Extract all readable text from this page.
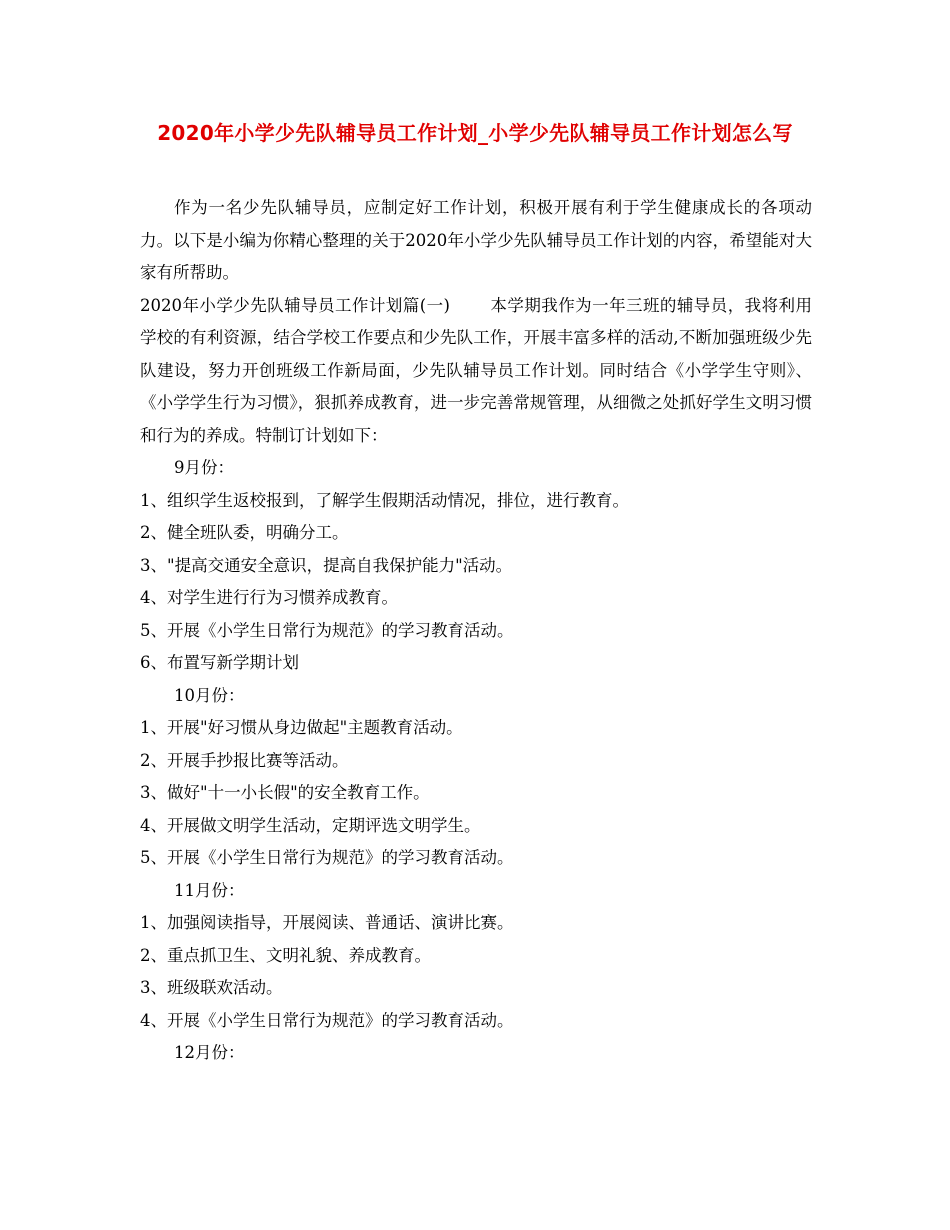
2020年小学少先队辅导员工作计划_小学少先队辅导员工作计划怎么写

作为一名少先队辅导员，应制定好工作计划，积极开展有利于学生健康成长的各项动力。以下是小编为你精心整理的关于2020年小学少先队辅导员工作计划的内容，希望能对大家有所帮助。

2020年小学少先队辅导员工作计划篇(一) 本学期我作为一年三班的辅导员，我将利用学校的有利资源，结合学校工作要点和少先队工作，开展丰富多样的活动,不断加强班级少先队建设，努力开创班级工作新局面，少先队辅导员工作计划。同时结合《小学学生守则》、《小学学生行为习惯》，狠抓养成教育，进一步完善常规管理，从细微之处抓好学生文明习惯和行为的养成。特制订计划如下：

9月份：

1、组织学生返校报到，了解学生假期活动情况，排位，进行教育。

2、健全班队委，明确分工。

3、"提高交通安全意识，提高自我保护能力"活动。

4、对学生进行行为习惯养成教育。

5、开展《小学生日常行为规范》的学习教育活动。

6、布置写新学期计划

10月份：

1、开展"好习惯从身边做起"主题教育活动。

2、开展手抄报比赛等活动。

3、做好"十一小长假"的安全教育工作。

4、开展做文明学生活动，定期评选文明学生。

5、开展《小学生日常行为规范》的学习教育活动。

11月份：

1、加强阅读指导，开展阅读、普通话、演讲比赛。

2、重点抓卫生、文明礼貌、养成教育。

3、班级联欢活动。

4、开展《小学生日常行为规范》的学习教育活动。

12月份：
